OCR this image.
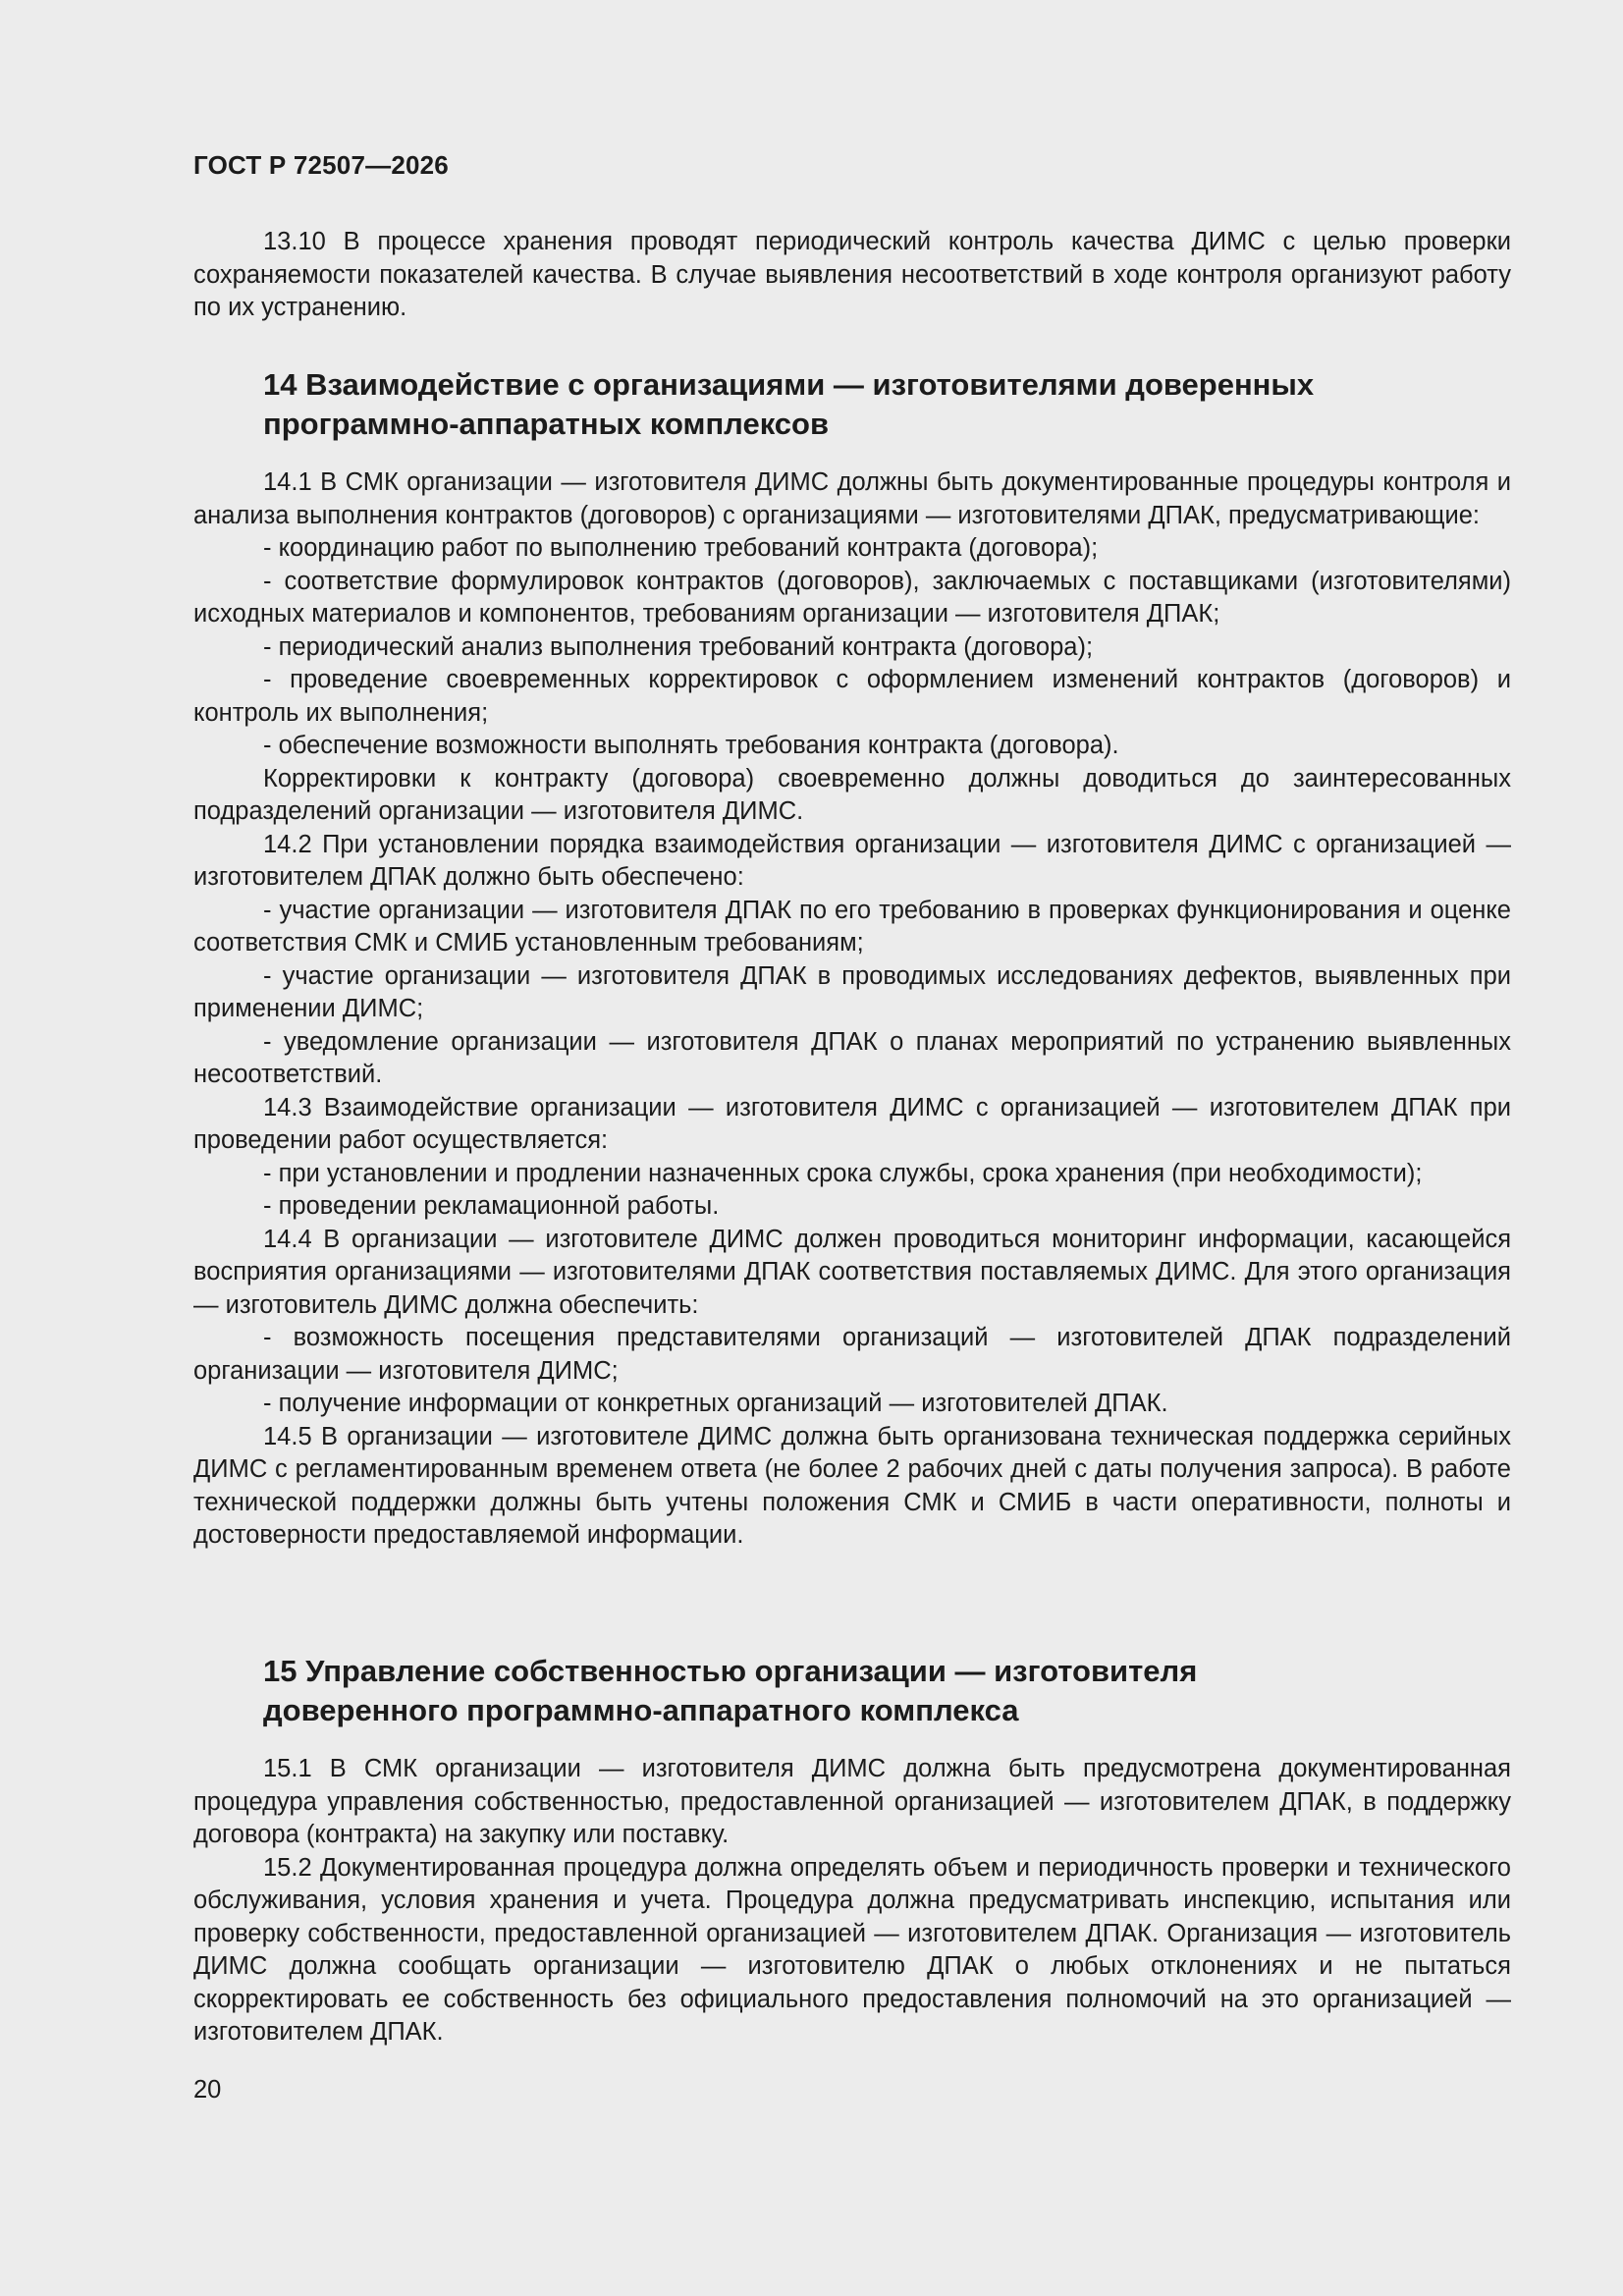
ГОСТ Р 72507—2026

13.10 В процессе хранения проводят периодический контроль качества ДИМС с целью проверки сохраняемости показателей качества. В случае выявления несоответствий в ходе контроля организуют работу по их устранению.

14 Взаимодействие с организациями — изготовителями доверенных

программно-аппаратных комплексов

14.1 В СМК организации — изготовителя ДИМС должны быть документированные процедуры контроля и анализа выполнения контрактов (договоров) с организациями — изготовителями ДПАК, предусматривающие:

- координацию работ по выполнению требований контракта (договора);

- соответствие формулировок контрактов (договоров), заключаемых с поставщиками (изготовителями) исходных материалов и компонентов, требованиям организации — изготовителя ДПАК;

- периодический анализ выполнения требований контракта (договора);

- проведение своевременных корректировок с оформлением изменений контрактов (договоров) и контроль их выполнения;

- обеспечение возможности выполнять требования контракта (договора).

Корректировки к контракту (договора) своевременно должны доводиться до заинтересованных подразделений организации — изготовителя ДИМС.

14.2 При установлении порядка взаимодействия организации — изготовителя ДИМС с организацией — изготовителем ДПАК должно быть обеспечено:

- участие организации — изготовителя ДПАК по его требованию в проверках функционирования и оценке соответствия СМК и СМИБ установленным требованиям;

- участие организации — изготовителя ДПАК в проводимых исследованиях дефектов, выявленных при применении ДИМС;

- уведомление организации — изготовителя ДПАК о планах мероприятий по устранению выявленных несоответствий.

14.3 Взаимодействие организации — изготовителя ДИМС с организацией — изготовителем ДПАК при проведении работ осуществляется:

- при установлении и продлении назначенных срока службы, срока хранения (при необходимости);

- проведении рекламационной работы.

14.4 В организации — изготовителе ДИМС должен проводиться мониторинг информации, касающейся восприятия организациями — изготовителями ДПАК соответствия поставляемых ДИМС. Для этого организация — изготовитель ДИМС должна обеспечить:

- возможность посещения представителями организаций — изготовителей ДПАК подразделений организации — изготовителя ДИМС;

- получение информации от конкретных организаций — изготовителей ДПАК.

14.5 В организации — изготовителе ДИМС должна быть организована техническая поддержка серийных ДИМС с регламентированным временем ответа (не более 2 рабочих дней с даты получения запроса). В работе технической поддержки должны быть учтены положения СМК и СМИБ в части оперативности, полноты и достоверности предоставляемой информации.

15 Управление собственностью организации — изготовителя

доверенного программно-аппаратного комплекса

15.1 В СМК организации — изготовителя ДИМС должна быть предусмотрена документированная процедура управления собственностью, предоставленной организацией — изготовителем ДПАК, в поддержку договора (контракта) на закупку или поставку.

15.2 Документированная процедура должна определять объем и периодичность проверки и технического обслуживания, условия хранения и учета. Процедура должна предусматривать инспекцию, испытания или проверку собственности, предоставленной организацией — изготовителем ДПАК. Организация — изготовитель ДИМС должна сообщать организации — изготовителю ДПАК о любых отклонениях и не пытаться скорректировать ее собственность без официального предоставления полномочий на это организацией — изготовителем ДПАК.

20
